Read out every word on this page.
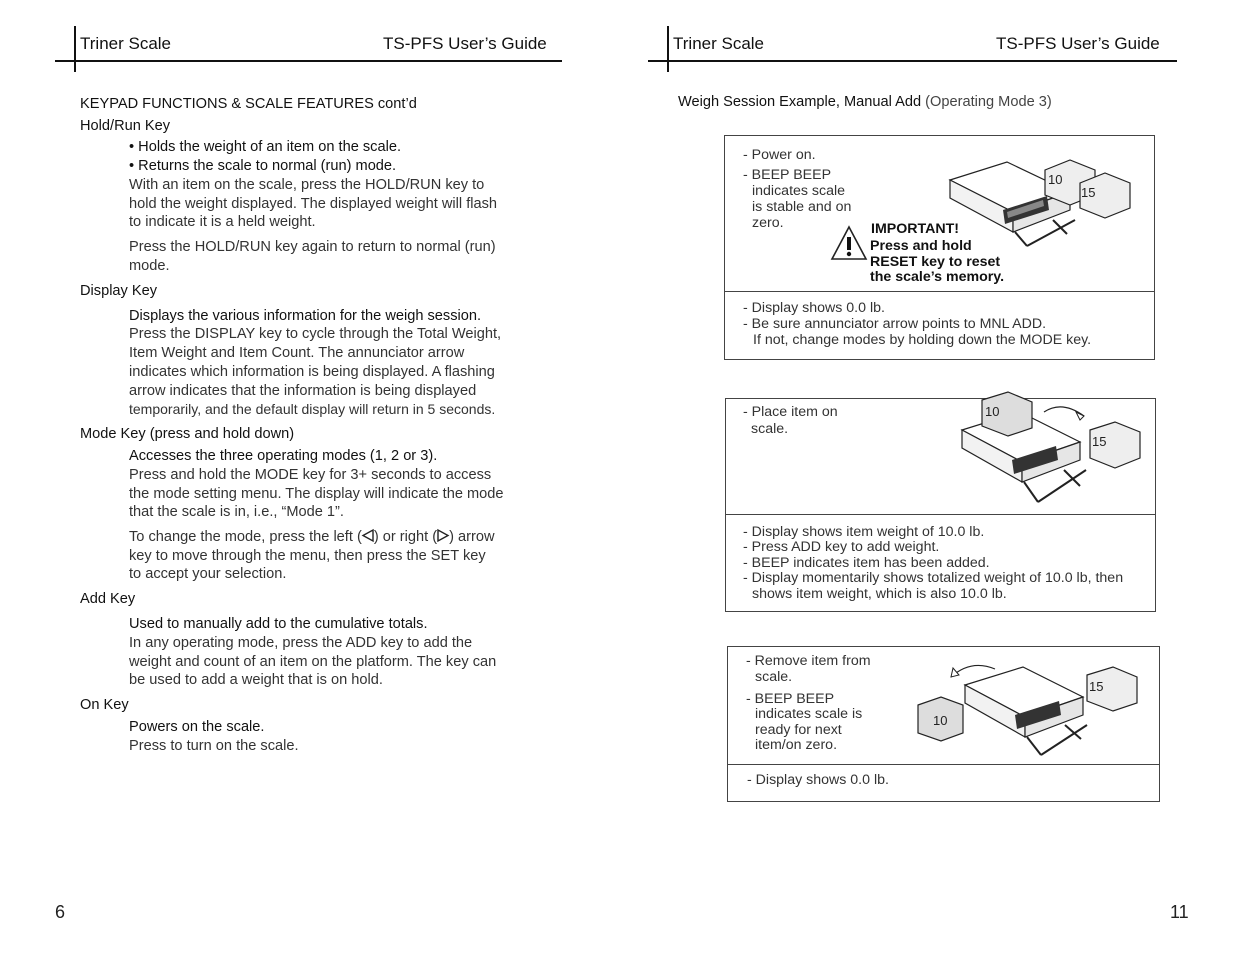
Triner Scale	TS-PFS User’s Guide
KEYPAD FUNCTIONS & SCALE FEATURES cont’d
Hold/Run Key
• Holds the weight of an item on the scale.
• Returns the scale to normal (run) mode.
With an item on the scale, press the HOLD/RUN key to
hold the weight displayed. The displayed weight will flash
to indicate it is a held weight.
Press the HOLD/RUN key again to return to normal (run)
mode.
Display Key
Displays the various information for the weigh session.
Press the DISPLAY key to cycle through the Total Weight,
Item Weight and Item Count. The annunciator arrow
indicates which information is being displayed. A flashing
arrow indicates that the information is being displayed
temporarily, and the default display will return in 5 seconds.
Mode Key (press and hold down)
Accesses the three operating modes (1, 2 or 3).
Press and hold the MODE key for 3+ seconds to access
the mode setting menu. The display will indicate the mode
that the scale is in, i.e., “Mode 1”.
To change the mode, press the left ( ) or right ( ) arrow
key to move through the menu, then press the SET key
to accept your selection.
Add Key
Used to manually add to the cumulative totals.
In any operating mode, press the ADD key to add the
weight and count of an item on the platform. The key can
be used to add a weight that is on hold.
On Key
Powers on the scale.
Press to turn on the scale.
6
Triner Scale	TS-PFS User’s Guide
Weigh Session Example, Manual Add (Operating Mode 3)
- Power on.
- BEEP BEEP
indicates scale
is stable and on
zero.	IMPORTANT!
Press and hold
RESET key to reset
the scale’s memory.
10
15
- Display shows 0.0 lb.
- Be sure annunciator arrow points to MNL ADD.
If not, change modes by holding down the MODE key.
- Place item on
scale.
10
15
- Display shows item weight of 10.0 lb.
- Press ADD key to add weight.
- BEEP indicates item has been added.
- Display momentarily shows totalized weight of 10.0 lb, then
shows item weight, which is also 10.0 lb.
- Remove item from
scale.
- BEEP BEEP
indicates scale is
ready for next
item/on zero.
10
15
- Display shows 0.0 lb.
11
